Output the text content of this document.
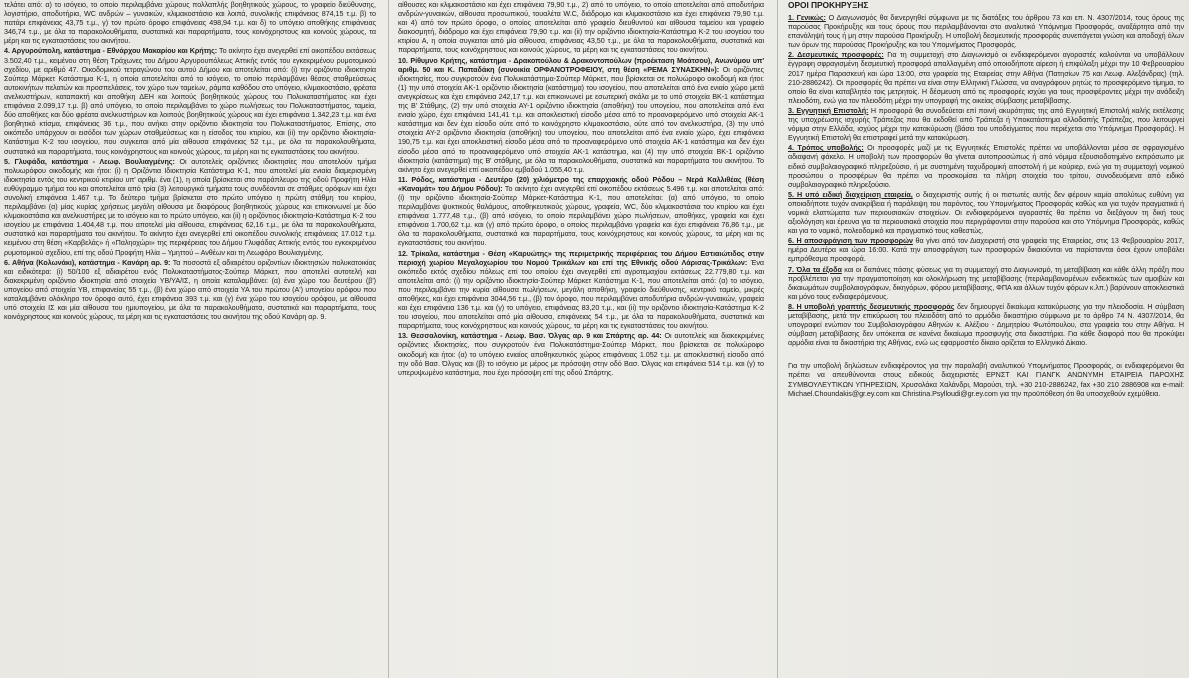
τελάτει από: α) το ισόγειο, το οποίο περιλαμβάνει χώρους πολλαπλής βοηθητικούς χώρους, το γραφείο διεύθυνσης, λογιστήριο, αποδυτήρια, WC ανδρών – γυναικών, κλιμακοστάσιο και λοιπά, συνολικής επιφάνειας 874,15 τ.μ. β) το πατάρι επιφάνειας 43,75 τ.μ., γ) τον πρώτο όροφο επιφάνειας 498,94 τ.μ. και δ) το υπόγειο αποθήκης επιφάνειας 346,74 τ.μ., με όλα τα παρακολουθήματα, συστατικά και παραρτήματα, τους κοινόχρηστους και κοινούς χώρους, τα μέρη και τις εγκαταστάσεις του ακινήτου.

4. Αργυρούπολη, κατάστημα - Εθνάρχου Μακαρίου και Κρήτης: Το ακίνητο έχει ανεγερθεί επί οικοπέδου εκτάσεως 3.502,40 τ.μ., κειμένου στη θέση Τράχωνες του Δήμου Αργυρουπόλεως Αττικής εντός του εγκεκριμένου ρυμοτομικού σχεδίου, με αριθμό 47. Οικοδομικού τετραγώνου του αυτού Δήμου και αποτελείται από: (i) την οριζόντιο ιδιοκτησία Σούπερ Μάρκετ Κατάστημα Κ-1, η οποία αποτελείται από το ισόγειο, το οποίο περιλαμβάνει θέσεις σταθμεύσεως αυτοκινήτων πελατών και προσπελάσεις, τον χώρο των ταμείων, ράμπα καθόδου στο υπόγειο, κλιμακοστάσιο, φρέατα ανελκυστήρων, καταπακτή και αποθήκη ΔΕΗ και λοιπούς βοηθητικούς χώρους του Πολυκαταστήματος και έχει επιφάνεια 2.099,17 τ.μ. β) από υπόγειο, το οποίο περιλαμβάνει το χώρο πωλήσεως του Πολυκαταστήματος, ταμεία, δύο αποθήκες και δύο φρέατα ανελκυστήρων και λοιπούς βοηθητικούς χώρους και έχει επιφάνεια 1.342,23 τ.μ. και ένα βοηθητικό κτίσμα, επιφάνειας 36 τ.μ., που ανήκει στην οριζόντιο ιδιοκτησία του Πολυκαταστήματος. Επίσης, στο οικόπεδο υπάρχουν οι εισόδοι των χώρων σταθμεύσεως και η είσοδος του κτιρίου, και (ii) την οριζόντιο ιδιοκτησία-Κατάστημα Κ-2 του ισογείου, που συγκειται από μία αίθουσα επιφάνειας 52 τ.μ., με όλα τα παρακολουθήματα, συστατικά και παραρτήματα, τους κοινόχρηστους και κοινούς χώρους, τα μέρη και τις εγκαταστάσεις του ακινήτου.

5. Γλυφάδα, κατάστημα - Λεωφ. Βουλιαγμένης: Οι αυτοτελείς οριζόντιες ιδιοκτησίες που αποτελούν τμήμα πολυωρόφου οικοδομής και ήτοι: (i) η Οριζόντια Ιδιοκτησία Κατάστημα Κ-1, που αποτελεί μία ενιαία διαμερισμένη ιδιοκτησία εντός του κεντρικού κτιρίου υπ' αριθμ. ένα (1), η οποία βρίσκεται στο παράπλευρο της οδού Προφήτη Ηλία ευθύγραμμο τμήμα του και αποτελείται από τρία (3) λειτουργικά τμήματα τους συνδέονται σε στάθμες ορόφων και έχει συνολική επιφάνεια 1.467 τ.μ. Το δεύτερο τμήμα βρίσκεται στο πρώτο υπόγειο η πρώτη στάθμη του κτιρίου, περιλαμβάνει (α) μίας κυρίας χρήσεως μεγάλη αίθουσα με διαφόρους βοηθητικούς χώρους και επικοινωνεί με δύο κλιμακοστάσια και ανελκυστήρες με το ισόγειο και το πρώτο υπόγειο, και (ii) η οριζόντιος ιδιοκτησία-Κατάστημα Κ-2 του ισογείου με επιφάνεια 1.404,48 τ.μ. που αποτελεί μία αίθουσα, επιφάνειας 62,16 τ.μ., με όλα τα παρακολουθήματα, συστατικά και παραρτήματα του ακινήτου. Το ακίνητο έχει ανεγερθεί επί οικοπέδου συνολικής επιφάνειας 17.012 τ.μ. κειμένου στη θέση «Καρβελάς» ή «Παληοχώρι» της περιφέρειας του Δήμου Γλυφάδας Αττικής εντός του εγκεκριμένου ρυμοτομικού σχεδίου, επί της οδού Προφήτη Ηλία – Υμηττού – Ανθέων και τη Λεωφόρο Βουλιαγμένης.

6. Αθήνα (Κολωνάκι), κατάστημα - Κανάρη αρ. 9: Τα ποσοστά εξ αδιαιρέτου οριζοντίων ιδιοκτησιών πολυκατοικίας και ειδικότερα: (i) 50/100 εξ αδιαιρέτου ενός Πολυκαταστήματος-Σούπερ Μάρκετ, που αποτελεί αυτοτελή και διακεκριμένη οριζόντιο ιδιοκτησία από στοιχεία ΥΒ/ΥΑ/ΙΣ, η οποία καταλαμβάνει: (α) ένα χώρο του δευτέρου (β') υπογείου από στοιχεία ΥΒ, επιφανείας 55 τ.μ., (β) ένα χώρο από στοιχεία ΥΑ του πρώτου (Α') υπογείου ορόφου που καταλαμβάνει ολόκληρο τον όροφο αυτό, έχει επιφάνεια 393 τ.μ. και (γ) ένα χώρο του ισογείου ορόφου, με αίθουσα υπό στοιχεία ΙΣ και μία αίθουσα του ημιυπογείου, με όλα τα παρακολουθήματα, συστατικά και παραρτήματα, τους κοινόχρηστους και κοινούς χώρους, τα μέρη και τις εγκαταστάσεις του ακινήτου της οδού Κανάρη αρ. 9.

αίθουσες και κλιμακοστάσιο και έχει επιφάνεια 79,90 τ.μ., 2) από το υπόγειο, το οποίο αποτελείται από αποδυτήρια ανδρών-γυναικών, αίθουσα προσωπικού, τουαλέτα W.C, διάδρομο και κλιμακοστάσιο και έχει επιφάνεια 79,90 τ.μ. και 4) από τον πρώτο όροφο, ο οποίος αποτελείται από γραφείο διευθυντού και αίθουσα ταμείου και γραφείο διακοσμητή, διάδρομο και έχει επιφάνεια 79,90 τ.μ. και (ii) την οριζόντιο ιδιοκτησία-Κατάστημα Κ-2 του ισογείου του κτιρίου Α, η οποία συγκειται από μία αίθουσα, επιφάνειας 43,50 τ.μ., με όλα τα παρακολουθήματα, συστατικά και παραρτήματα, τους κοινόχρηστους και κοινούς χώρους, τα μέρη και τις εγκαταστάσεις του ακινήτου.

10. Ρίθυμνο Κρήτης, κατάστημα - Δρακοπούλου & Δρακοντοπούλων (προέκταση Μοάτσου), Ανωνύμου υπ' αριθμ. 50 και Κ. Παπαδάκη (συνοικία ΟΡΦΑΝΟΤΡΟΦΕΙΟΥ, στη θέση «ΡΕΜΑ ΣΥΝΑΣΚΗΝ»): Οι οριζόντιες ιδιοκτησίες, που συγκροτούν ένα Πολυκατάστημα-Σούπερ Μάρκετ, που βρίσκεται σε πολυώροφο οικοδομή και ήτοι: (1) την υπό στοιχεία ΑΚ-1 οριζόντιο ιδιοκτησία (κατάστημα) του ισογείου, που αποτελείται από ένα ενιαίο χώρο μετά ανεγκρίσεως και έχει επιφάνεια 242,17 τ.μ. και επικοινωνεί με εσωτερική σκάλα με το υπό στοιχεία ΒΚ-1 κατάστημα της Β' Στάθμης, (2) την υπό στοιχεία ΑΥ-1 οριζόντιο ιδιοκτησία (αποθήκη) του υπογείου, που αποτελείται από ένα ενιαίο χώρο, έχει επιφάνεια 141,41 τ.μ. και αποκλειστική είσοδο μέσα από το προαναφερόμενο υπό στοιχεία ΑΚ-1 κατάστημα και δεν έχει είσοδο ούτε από το κοινόχρηστο κλιμακοστάσιο, ούτε από τον ανελκυστήρα, (3) την υπό στοιχεία ΑΥ-2 οριζόντιο ιδιοκτησία (αποθήκη) του υπογείου, που αποτελείται από ένα ενιαίο χώρο, έχει επιφάνεια 190,75 τ.μ. και έχει αποκλειστική είσοδο μέσα από το προαναφερόμενο υπό στοιχεία ΑΚ-1 κατάστημα και δεν έχει είσοδο μέσα από το προαναφερόμενο υπό στοιχεία ΑΚ-1 κατάστημα, και (4) την υπό στοιχεία ΒΚ-1 οριζόντιο ιδιοκτησία (κατάστημα) της Β' στάθμης, με όλα τα παρακολουθήματα, συστατικά και παραρτήματα του ακινήτου. Το ακίνητο έχει ανεγερθεί επί οικοπέδου εμβαδού 1.055,40 τ.μ.

11. Ρόδος, κατάστημα - Δευτέρο (20) χιλιόμετρο της επαρχιακής οδού Ρόδου – Νερά Καλλιθέας (θέση «Καναμάτ» του Δήμου Ρόδου): Το ακίνητο έχει ανεγερθεί επί οικοπέδου εκτάσεως 5.496 τ.μ. και αποτελείται από: (i) την οριζόντιο ιδιοκτησία-Σούπερ Μάρκετ-Κατάστημα Κ-1, που αποτελείται: (α) από υπόγειο, το οποίο περιλαμβάνει ψυκτικούς θαλάμους, αποθηκευτικούς χώρους, γραφεία, WC, δύο κλιμακοστάσια του κτιρίου και έχει επιφάνεια 1.777,48 τ.μ., (β) από ισόγειο, το οποίο περιλαμβάνει χώρο πωλήσεων, αποθήκες, γραφεία και έχει επιφάνεια 1.700,62 τ.μ. και (γ) από πρώτο όροφο, ο οποίος περιλαμβάνει γραφεία και έχει επιφάνεια 76,86 τ.μ., με όλα τα παρακολουθήματα, συστατικά και παραρτήματα, τους κοινόχρηστους και κοινούς χώρους, τα μέρη και τις εγκαταστάσεις του ακινήτου.

12. Τρίκαλα, κατάστημα - Θέση «Καρυώτης» της περιμετρικής περιφέρειας του Δήμου Εστιαιώτιδος στην περιοχή χωρίου Μεγαλοχωρίου του Νομού Τρικάλων και επί της Εθνικής οδού Λάρισας-Τρικάλων: Ένα οικόπεδο εκτός σχεδίου πόλεως επί του οποίου έχει ανεγερθεί επί αγροτεμαχίου εκτάσεως 22.779,80 τ.μ. και αποτελείται από: (i) την οριζόντιο ιδιοκτησία-Σούπερ Μάρκετ Κατάστημα Κ-1, που αποτελείται από: (α) το ισόγειο, που περιλαμβάνει την κυρία αίθουσα πωλήσεων, μεγάλη αποθήκη, γραφείο διεύθυνσης, κεντρικό ταμείο, μικρές αποθήκες, και έχει επιφάνεια 3044,56 τ.μ., (β) τον όροφο, που περιλαμβάνει αποδυτήρια ανδρών-γυναικών, γραφεία και έχει επιφάνεια 136 τ.μ. και (γ) το υπόγειο, επιφάνειας 83,20 τ.μ., και (ii) την οριζόντιο ιδιοκτησία-Κατάστημα Κ-2 του ισογείου, που αποτελείται από μία αίθουσα, επιφάνειας 54 τ.μ., με όλα τα παρακολουθήματα, συστατικά και παραρτήματα, τους κοινόχρηστους και κοινούς χώρους, τα μέρη και τις εγκαταστάσεις του ακινήτου.

13. Θεσσαλονίκη, κατάστημα - Λεωφ. Βασ. Όλγας αρ. 9 και Σπάρτης αρ. 44: Οι αυτοτελείς και διακεκριμένες οριζόντιες ιδιοκτησίες, που συγκροτούν ένα Πολυκατάστημα-Σούπερ Μάρκετ, που βρίσκεται σε πολυώροφο οικοδομή και ήτοι: (α) το υπόγειο ενιαίος αποθηκευτικός χώρος επιφάνειας 1.052 τ.μ. με αποκλειστική είσοδο από την οδό Βασ. Όλγας και (β) το ισόγειο με μέρος με πρόσοψη στην οδό Βασ. Όλγας και επιφάνεια 514 τ.μ. και (γ) το υπερυψωμένο κατάστημα, που έχει πρόσοψη επί της οδού Σπάρτης.

ΟΡΟΙ ΠΡΟΚΗΡΥΞΗΣ

1. Γενικώς: Ο Διαγωνισμός θα διενεργηθεί σύμφωνα με τις διατάξεις του άρθρου 73 και επ. Ν. 4307/2014, τους όρους της παρούσας Προκήρυξης και τους όρους που περιλαμβάνονται στο αναλυτικό Υπόμνημα Προσφοράς, αναξάρτητα από την επανάληψή τους ή μη στην παρούσα Προκήρυξη. Η υποβολή δεσμευτικής προσφοράς συνεπάγεται γνώση και αποδοχή όλων των όρων της παρούσας Προκήρυξης και του Υπομνήματος Προσφοράς.

2. Δεσμευτικές προσφορές: Για τη συμμετοχή στο Διαγωνισμό οι ενδιαφερόμενοι αγοραστές καλούνται να υποβάλλουν έγγραφη σφραγισμένη δεσμευτική προσφορά απαλλαγμένη από οποιοδήποτε αίρεση ή επιφύλαξη μέχρι την 10 Φεβρουαρίου 2017 ημέρα Παρασκευή και ώρα 13:00, στα γραφεία της Εταιρείας στην Αθήνα (Πατησίων 75 και Λεωφ. Αλεξάνδρας) (τηλ. 210-2886242). Οι προσφορές θα πρέπει να είναι στην Ελληνική Γλώσσα, να αναγράφουν ρητώς το προσφερόμενο τίμημα, το οποίο θα είναι καταβλητέο τοις μετρητοίς. Η δέσμευση από τις προσφορές ισχύει για τους προσφέροντες μέχρι την ανάδειξη πλειοδότη, ενώ για τον πλειοδότη μέχρι την υπογραφή της οικείας σύμβασης μεταβίβασης.

3. Εγγυητική Επιστολή: Η προσφορά θα συνοδεύεται επί ποινή ακυρότητας της από Εγγυητική Επιστολή καλής εκτέλεσης της υποχρέωσης ισχυρής Τράπεζας που θα εκδοθεί από Τράπεζα ή Υποκατάστημα αλλοδαπής Τράπεζας, που λειτουργεί νόμιμα στην Ελλάδα, ισχύος μέχρι την κατακύρωση (βάσει του υποδείγματος που περιέχεται στο Υπόμνημα Προσφοράς). Η Εγγυητική Επιστολή θα επιστραφεί μετά την κατακύρωση.

4. Τρόπος υποβολής: Οι προσφορές μαζί με τις Εγγυητικές Επιστολές πρέπει να υποβάλλονται μέσα σε σφραγισμένο αδιαφανή φάκελο. Η υποβολή των προσφορών θα γίνεται αυτοπροσώπως ή από νόμιμα εξουσιοδοτημένο εκπρόσωπο με ειδικό συμβολαιογραφικό πληρεξούσιο, ή με συστημένη ταχυδρομική αποστολή ή με κούριερ, ενώ για τη συμμετοχή νομικού προσώπου ο προσφέρων θα πρέπει να προσκομίσει τα πλήρη στοιχεία του τρίτου, συνοδευόμενα από ειδικό συμβολαιογραφικό πληρεξούσιο.

5. Η υπό ειδική διαχείριση εταιρεία, ο διαχειριστής αυτής ή οι πιστωτές αυτής δεν φέρουν καμία απολύτως ευθύνη για οποιαδήποτε τυχόν ανακρίβεια ή παράλειψη του παρόντος, του Υπομνήματος Προσφοράς καθώς και για τυχόν πραγματικά ή νομικά ελαττώματα των περιουσιακών στοιχείων. Οι ενδιαφερόμενοι αγοραστές θα πρέπει να διεξάγουν τη δική τους αξιολόγηση και έρευνα για τα περιουσιακά στοιχεία που περιγράφονται στην παρούσα και στο Υπόμνημα Προσφοράς, καθώς και για το νομικό, πολεοδομικό και πραγματικό τους καθεστώς.

6. Η αποσφράγιση των προσφορών θα γίνει από τον Διαχειριστή στα γραφεία της Εταιρείας, στις 13 Φεβρουαρίου 2017, ημέρα Δευτέρα και ώρα 16:00. Κατά την αποσφράγιση των προσφορών δικαιούνται να παρίστανται όσοι έχουν υποβάλει εμπρόθεσμα προσφορά.

7. Όλα τα έξοδα και οι δαπάνες πάσης φύσεως για τη συμμετοχή στο Διαγωνισμό, τη μεταβίβαση και κάθε άλλη πράξη που προβλέπεται για την πραγματοποίηση και ολοκλήρωση της μεταβίβασης (περιλαμβανομένων ενδεικτικώς των αμοιβών και δικαιωμάτων συμβολαιογράφων, δικηγόρων, φόρου μεταβίβασης, ΦΠΑ και άλλων τυχόν φόρων κ.λπ.) βαρύνουν αποκλειστικά και μόνο τους ενδιαφερόμενους.

8. Η υποβολή γραπτής δεσμευτικής προσφοράς δεν δημιουργεί δικαίωμα κατακύρωσης για την πλειοδοσία. Η σύμβαση μεταβίβασης, μετά την επικύρωση του πλειοδότη από το αρμόδιο δικαστήριο σύμφωνα με το άρθρο 74 Ν. 4307/2014, θα υπογραφεί ενώπιον του Συμβολαιογράφου Αθηνών κ. Αλέξιου - Δημητρίου Φωτόπουλου, στα γραφεία του στην Αθήνα. Η σύμβαση μεταβίβασης δεν υπόκειται σε κανένα δικαίωμα προσφυγής στα δικαστήρια. Για κάθε διαφορά που θα προκύψει αρμόδια είναι τα δικαστήρια της Αθήνας, ενώ ως εφαρμοστέο δίκαιο ορίζεται το Ελληνικό Δίκαιο.

Για την υποβολή δηλώσεων ενδιαφέροντος για την παραλαβή αναλυτικού Υπομνήματος Προσφοράς, οι ενδιαφερόμενοι θα πρέπει να απευθύνονται στους ειδικούς διαχειριστές ΕΡΝΣΤ ΚΑΙ ΓΙΑΝΓΚ ΑΝΩΝΥΜΗ ΕΤΑΙΡΕΙΑ ΠΑΡΟΧΗΣ ΣΥΜΒΟΥΛΕΥΤΙΚΩΝ ΥΠΗΡΕΣΙΩΝ, Χρυσολάκα Χαλάνδρι, Μαρούσι, τηλ. +30 210-2886242, fax +30 210 2886908 και e-mail: Michael.Choundakis@gr.ey.com και Christina.Psylloudi@gr.ey.com για την προϋπόθεση ότι θα υποσχεθούν εχεμύθεια.
